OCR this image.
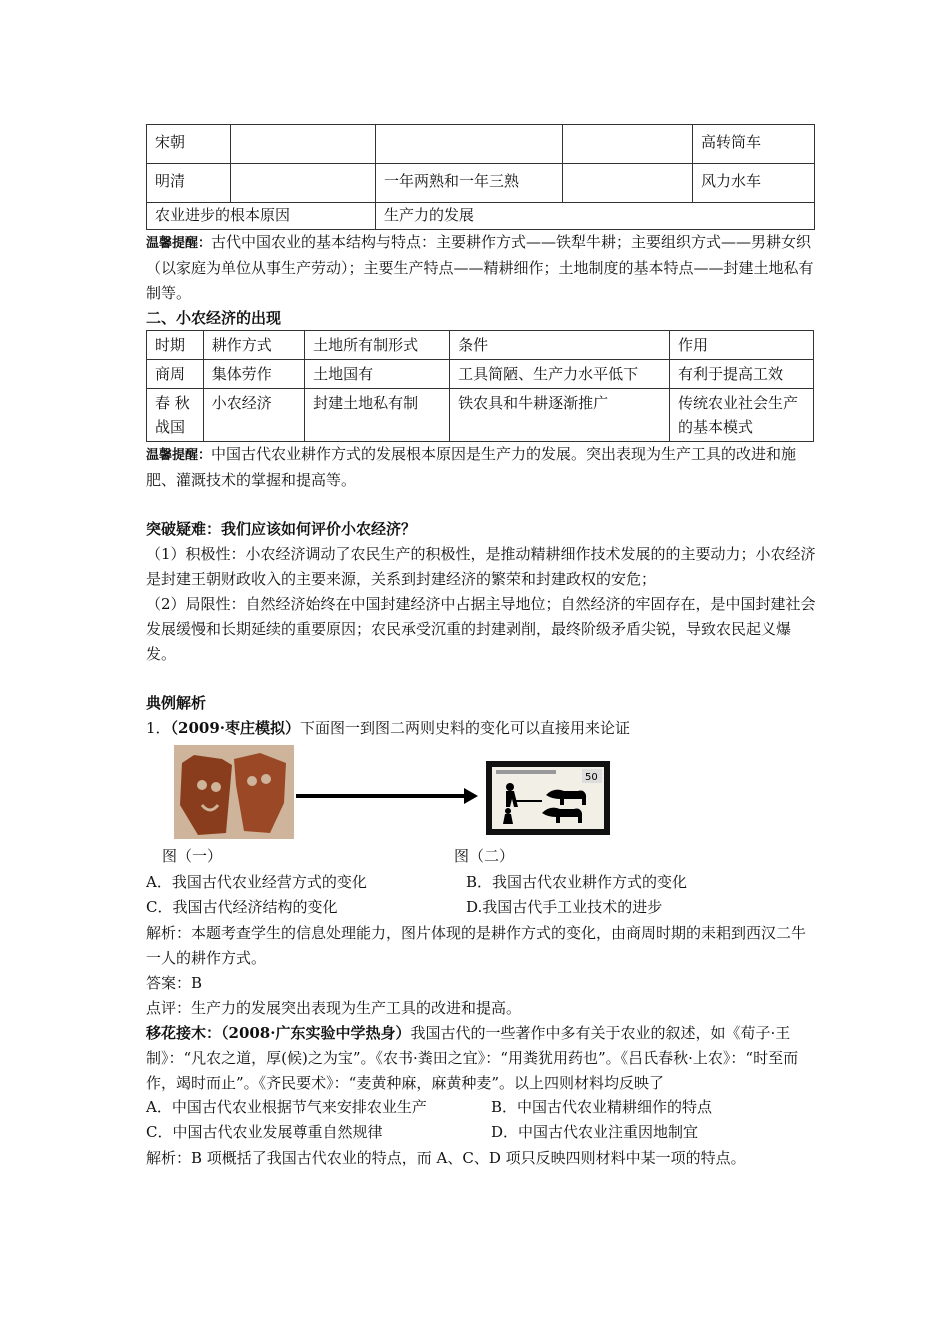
宋朝				高转筒车
明清		一年两熟和一年三熟		风力水车
农业进步的根本原因		生产力的发展		

温馨提醒：古代中国农业的基本结构与特点：主要耕作方式——铁犁牛耕；主要组织方式——男耕女织（以家庭为单位从事生产劳动）；主要生产特点——精耕细作；土地制度的基本特点——封建土地私有制等。

二、小农经济的出现
时期	耕作方式	土地所有制形式	条件	作用
商周	集体劳作	土地国有	工具简陋、生产力水平低下	有利于提高工效
春 秋 战国	小农经济	封建土地私有制	铁农具和牛耕逐渐推广	传统农业社会生产的基本模式

温馨提醒：中国古代农业耕作方式的发展根本原因是生产力的发展。突出表现为生产工具的改进和施肥、灌溉技术的掌握和提高等。

突破疑难：我们应该如何评价小农经济？

（1）积极性：小农经济调动了农民生产的积极性，是推动精耕细作技术发展的的主要动力；小农经济是封建王朝财政收入的主要来源，关系到封建经济的繁荣和封建政权的安危；

（2）局限性：自然经济始终在中国封建经济中占据主导地位；自然经济的牢固存在，是中国封建社会发展缓慢和长期延续的重要原因；农民承受沉重的封建剥削，最终阶级矛盾尖锐，导致农民起义爆发。

典例解析

1．（2009·枣庄模拟）下面图一到图二两则史料的变化可以直接用来论证

50
图（一）	图（二）
A．我国古代农业经营方式的变化	B．我国古代农业耕作方式的变化
C．我国古代经济结构的变化	D.我国古代手工业技术的进步

解析：本题考查学生的信息处理能力，图片体现的是耕作方式的变化，由商周时期的耒耜到西汉二牛一人的耕作方式。

答案：B

点评：生产力的发展突出表现为生产工具的改进和提高。

移花接木：（2008·广东实验中学热身）我国古代的一些著作中多有关于农业的叙述，如《荀子·王制》：“凡农之道，厚(候)之为宝”。《农书·粪田之宜》：“用粪犹用药也”。《吕氏春秋·上农》：“时至而作，竭时而止”。《齐民要术》：“麦黄种麻，麻黄种麦”。以上四则材料均反映了

A．中国古代农业根据节气来安排农业生产	B．中国古代农业精耕细作的特点
C．中国古代农业发展尊重自然规律	D．中国古代农业注重因地制宜

解析：B 项概括了我国古代农业的特点，而 A、C、D 项只反映四则材料中某一项的特点。
